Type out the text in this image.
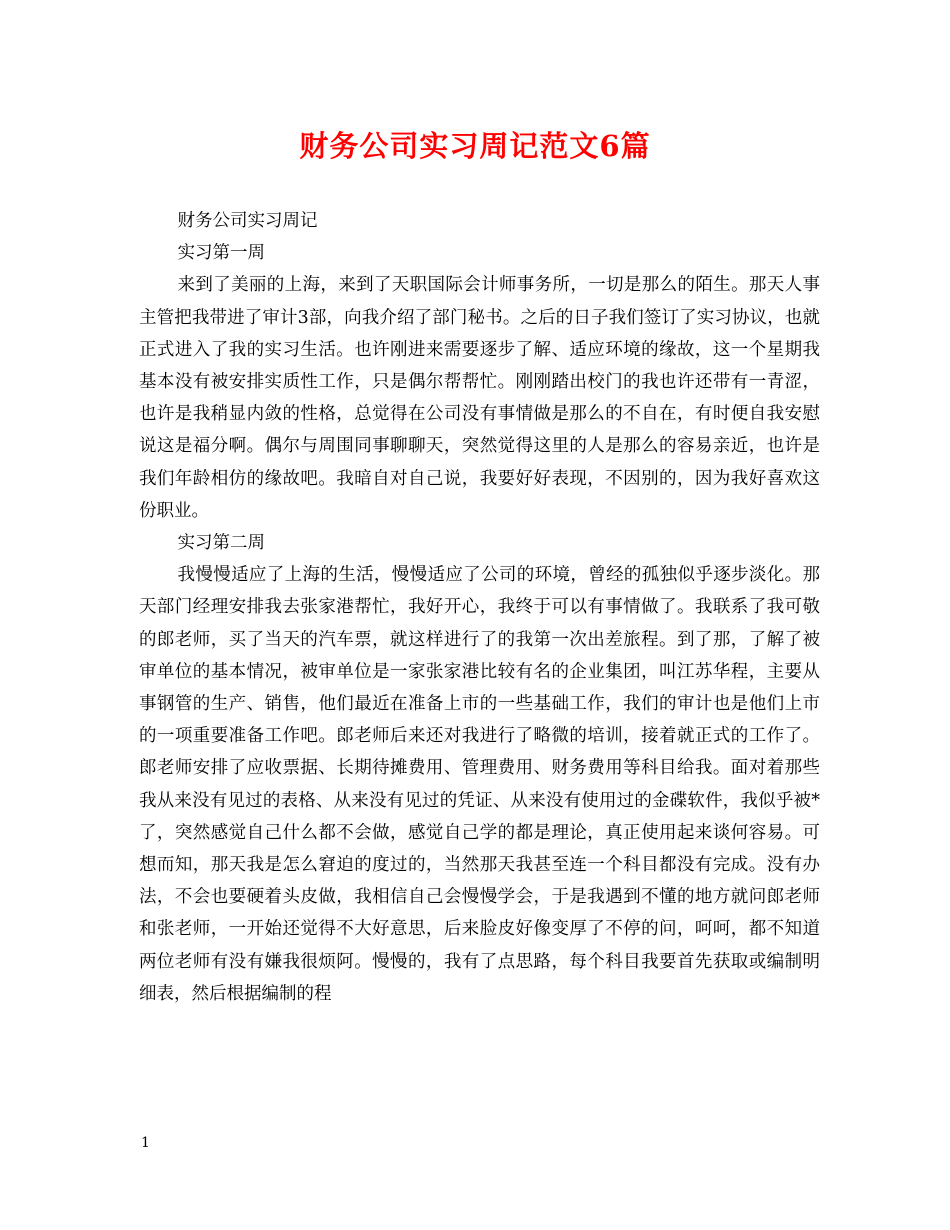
财务公司实习周记范文6篇

财务公司实习周记

实习第一周

来到了美丽的上海，来到了天职国际会计师事务所，一切是那么的陌生。那天人事主管把我带进了审计3部，向我介绍了部门秘书。之后的日子我们签订了实习协议，也就正式进入了我的实习生活。也许刚进来需要逐步了解、适应环境的缘故，这一个星期我基本没有被安排实质性工作，只是偶尔帮帮忙。刚刚踏出校门的我也许还带有一青涩，也许是我稍显内敛的性格，总觉得在公司没有事情做是那么的不自在，有时便自我安慰说这是福分啊。偶尔与周围同事聊聊天，突然觉得这里的人是那么的容易亲近，也许是我们年龄相仿的缘故吧。我暗自对自己说，我要好好表现，不因别的，因为我好喜欢这份职业。

实习第二周

我慢慢适应了上海的生活，慢慢适应了公司的环境，曾经的孤独似乎逐步淡化。那天部门经理安排我去张家港帮忙，我好开心，我终于可以有事情做了。我联系了我可敬的郎老师，买了当天的汽车票，就这样进行了的我第一次出差旅程。到了那，了解了被审单位的基本情况，被审单位是一家张家港比较有名的企业集团，叫江苏华程，主要从事钢管的生产、销售，他们最近在准备上市的一些基础工作，我们的审计也是他们上市的一项重要准备工作吧。郎老师后来还对我进行了略微的培训，接着就正式的工作了。郎老师安排了应收票据、长期待摊费用、管理费用、财务费用等科目给我。面对着那些我从来没有见过的表格、从来没有见过的凭证、从来没有使用过的金碟软件，我似乎被*了，突然感觉自己什么都不会做，感觉自己学的都是理论，真正使用起来谈何容易。可想而知，那天我是怎么窘迫的度过的，当然那天我甚至连一个科目都没有完成。没有办法，不会也要硬着头皮做，我相信自己会慢慢学会，于是我遇到不懂的地方就问郎老师和张老师，一开始还觉得不大好意思，后来脸皮好像变厚了不停的问，呵呵，都不知道两位老师有没有嫌我很烦阿。慢慢的，我有了点思路，每个科目我要首先获取或编制明细表，然后根据编制的程

1
